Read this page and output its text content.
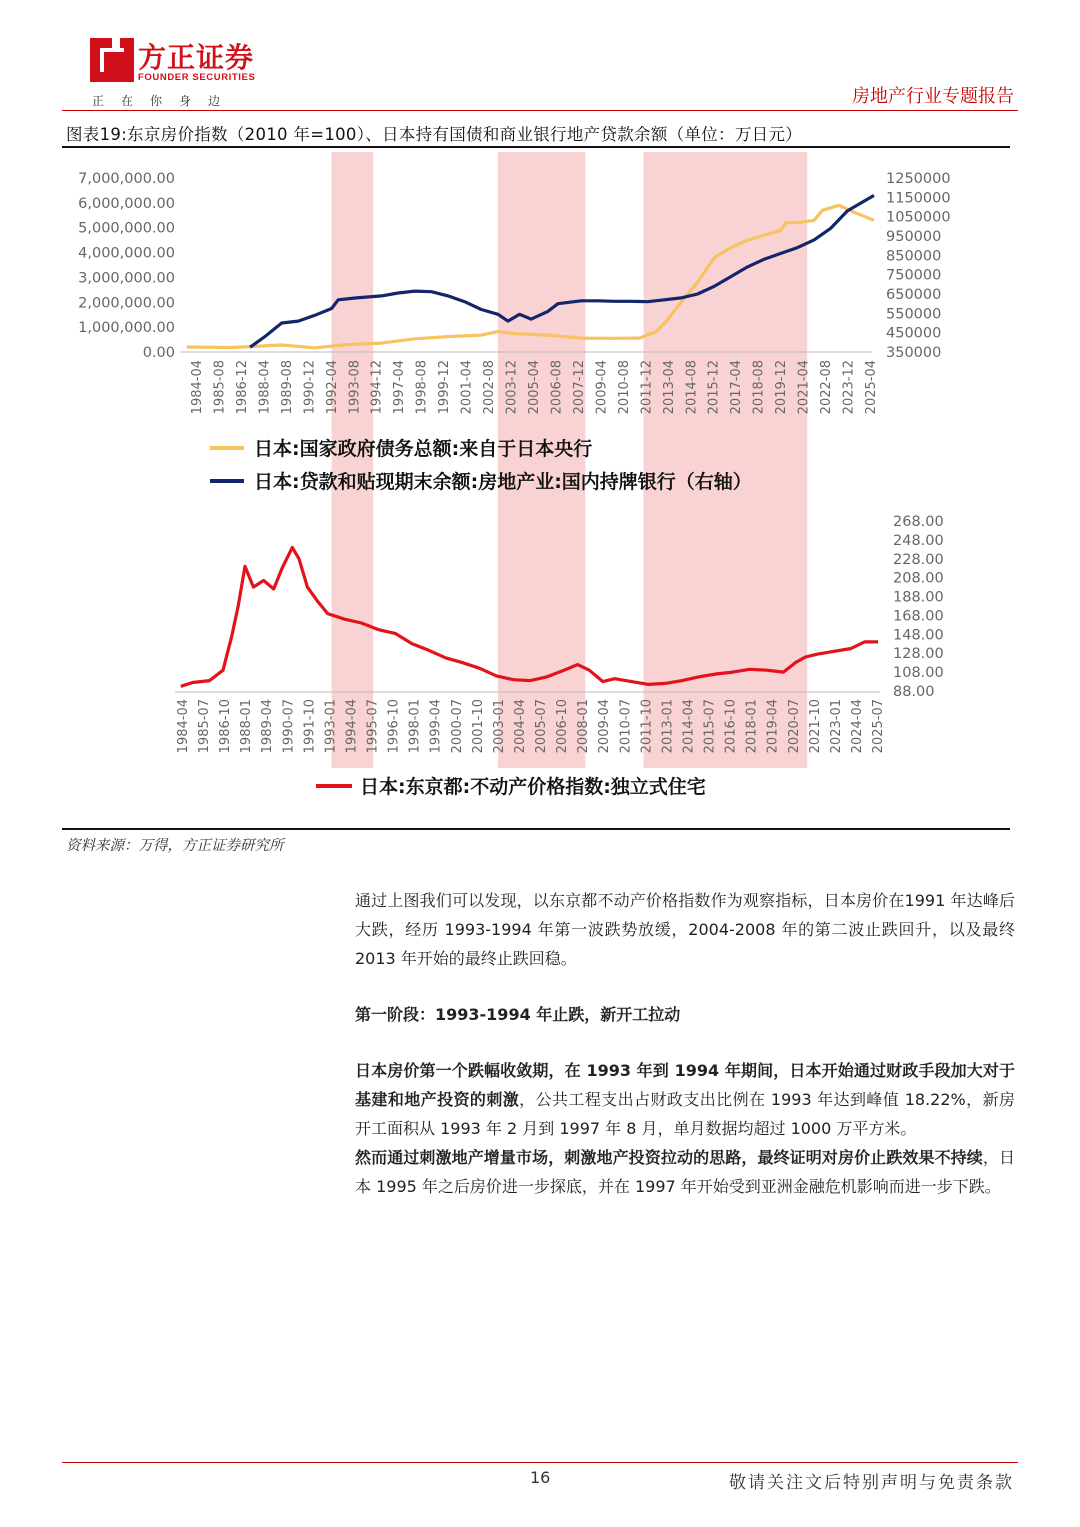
方正证券
FOUNDER SECURITIES
正在你身边	房地产行业专题报告
图表19:东京房价指数（2010 年=100）、日本持有国债和商业银行地产贷款余额（单位：万日元）
7,000,000.00
6,000,000.00
5,000,000.00
4,000,000.00
3,000,000.00
2,000,000.00
1,000,000.00
0.00
1250000
1150000
1050000
950000
850000
750000
650000
550000
450000
350000
1984-04 1985-08 1986-12 1988-04 1989-08 1990-12 1992-04 1993-08 1994-12 1997-04 1998-08 1999-12 2001-04 2002-08 2003-12 2005-04 2006-08 2007-12 2009-04 2010-08 2011-12 2013-04 2014-08 2015-12 2017-04 2018-08 2019-12 2021-04 2022-08 2023-12 2025-04
日本:国家政府债务总额:来自于日本央行
日本:贷款和贴现期末余额:房地产业:国内持牌银行（右轴）
268.00
248.00
228.00
208.00
188.00
168.00
148.00
128.00
108.00
88.00
1984-04 1985-07 1986-10 1988-01 1989-04 1990-07 1991-10 1993-01 1994-04 1995-07 1996-10 1998-01 1999-04 2000-07 2001-10 2003-01 2004-04 2005-07 2006-10 2008-01 2009-04 2010-07 2011-10 2013-01 2014-04 2015-07 2016-10 2018-01 2019-04 2020-07 2021-10 2023-01 2024-04 2025-07
日本:东京都:不动产价格指数:独立式住宅
资料来源：万得，方正证券研究所
通过上图我们可以发现，以东京都不动产价格指数作为观察指标，日本房价在1991 年达峰后大跌，经历 1993-1994 年第一波跌势放缓，2004-2008 年的第二波止跌回升，以及最终 2013 年开始的最终止跌回稳。
第一阶段：1993-1994 年止跌，新开工拉动
日本房价第一个跌幅收敛期，在 1993 年到 1994 年期间，日本开始通过财政手段加大对于基建和地产投资的刺激，公共工程支出占财政支出比例在 1993 年达到峰值 18.22%，新房开工面积从 1993 年 2 月到 1997 年 8 月，单月数据均超过 1000 万平方米。
然而通过刺激地产增量市场，刺激地产投资拉动的思路，最终证明对房价止跌效果不持续，日本 1995 年之后房价进一步探底，并在 1997 年开始受到亚洲金融危机影响而进一步下跌。
16	敬请关注文后特别声明与免责条款
